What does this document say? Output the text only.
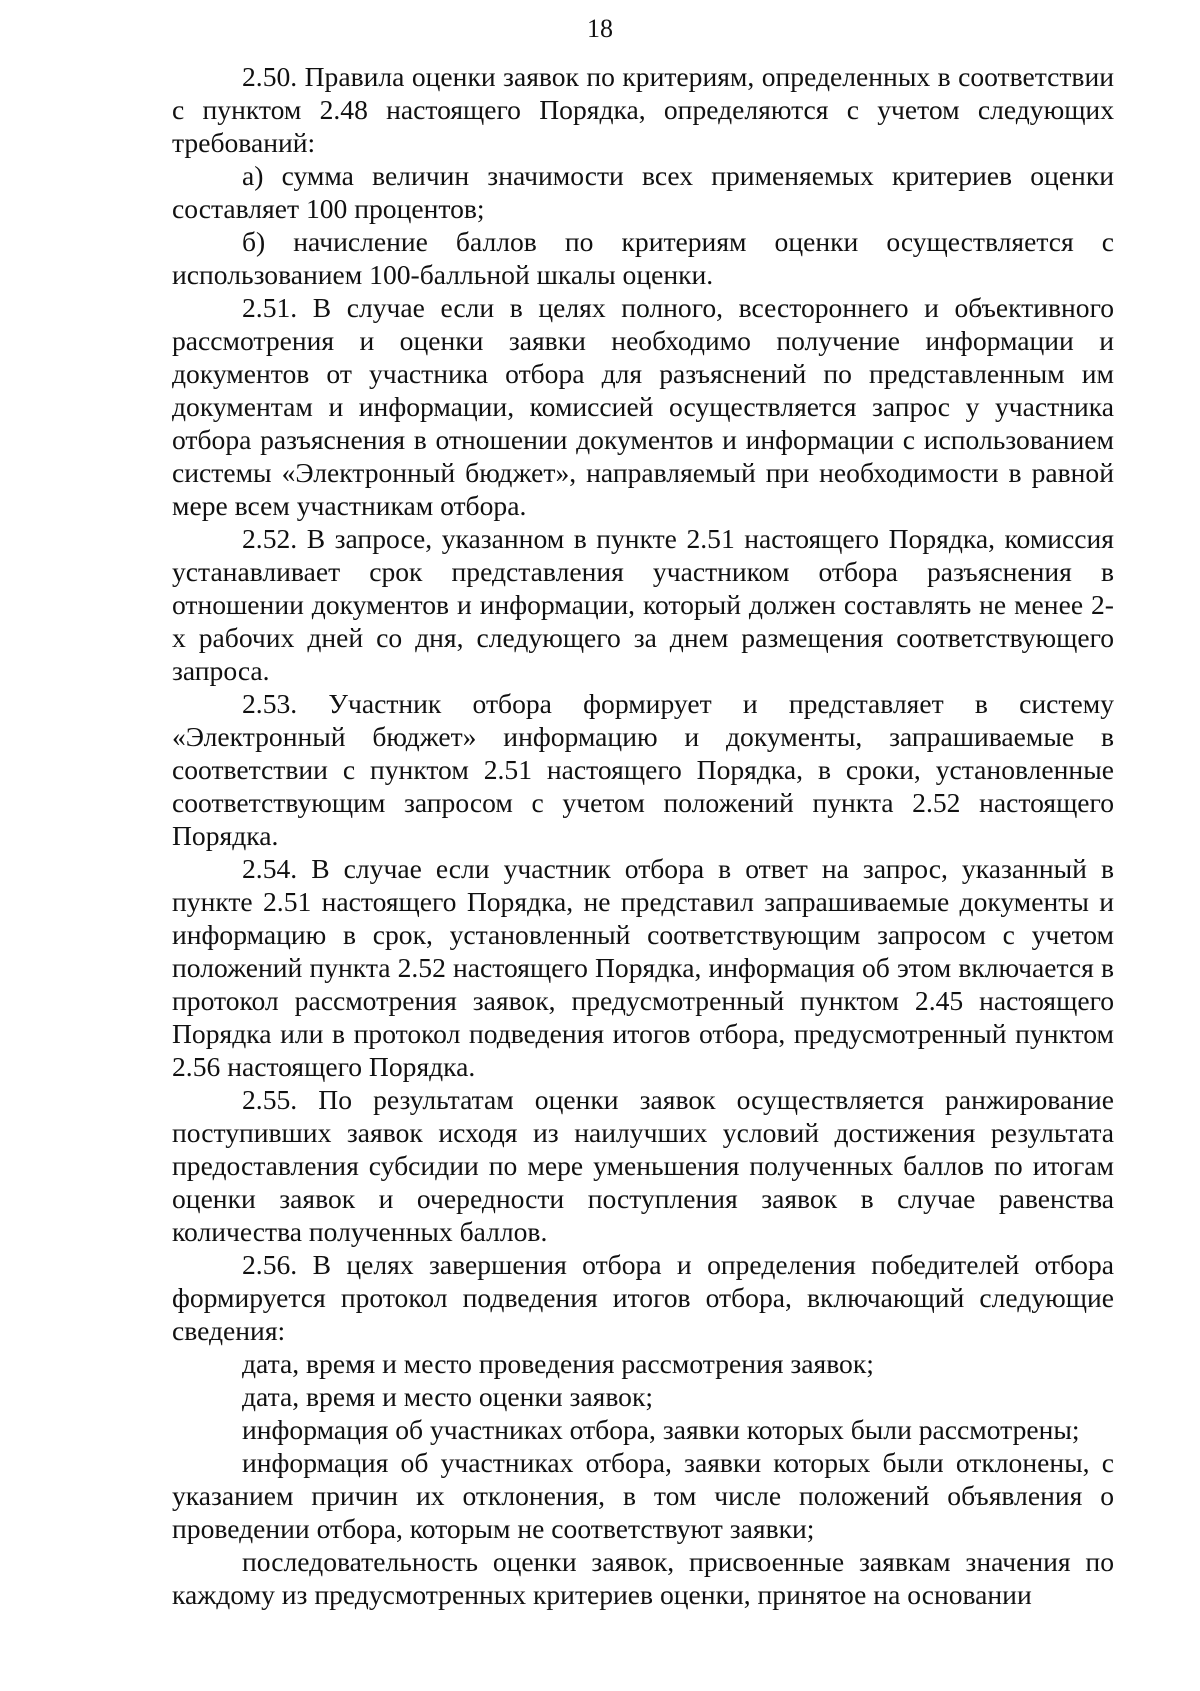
18

2.50. Правила оценки заявок по критериям, определенных в соответствии с пунктом 2.48 настоящего Порядка, определяются с учетом следующих требований:

а) сумма величин значимости всех применяемых критериев оценки составляет 100 процентов;

б) начисление баллов по критериям оценки осуществляется с использованием 100-балльной шкалы оценки.

2.51. В случае если в целях полного, всестороннего и объективного рассмотрения и оценки заявки необходимо получение информации и документов от участника отбора для разъяснений по представленным им документам и информации, комиссией осуществляется запрос у участника отбора разъяснения в отношении документов и информации с использованием системы «Электронный бюджет», направляемый при необходимости в равной мере всем участникам отбора.

2.52. В запросе, указанном в пункте 2.51 настоящего Порядка, комиссия устанавливает срок представления участником отбора разъяснения в отношении документов и информации, который должен составлять не менее 2-х рабочих дней со дня, следующего за днем размещения соответствующего запроса.

2.53. Участник отбора формирует и представляет в систему «Электронный бюджет» информацию и документы, запрашиваемые в соответствии с пунктом 2.51 настоящего Порядка, в сроки, установленные соответствующим запросом с учетом положений пункта 2.52 настоящего Порядка.

2.54. В случае если участник отбора в ответ на запрос, указанный в пункте 2.51 настоящего Порядка, не представил запрашиваемые документы и информацию в срок, установленный соответствующим запросом с учетом положений пункта 2.52 настоящего Порядка, информация об этом включается в протокол рассмотрения заявок, предусмотренный пунктом 2.45 настоящего Порядка или в протокол подведения итогов отбора, предусмотренный пунктом 2.56 настоящего Порядка.

2.55. По результатам оценки заявок осуществляется ранжирование поступивших заявок исходя из наилучших условий достижения результата предоставления субсидии по мере уменьшения полученных баллов по итогам оценки заявок и очередности поступления заявок в случае равенства количества полученных баллов.

2.56. В целях завершения отбора и определения победителей отбора формируется протокол подведения итогов отбора, включающий следующие сведения:

дата, время и место проведения рассмотрения заявок;

дата, время и место оценки заявок;

информация об участниках отбора, заявки которых были рассмотрены;

информация об участниках отбора, заявки которых были отклонены, с указанием причин их отклонения, в том числе положений объявления о проведении отбора, которым не соответствуют заявки;

последовательность оценки заявок, присвоенные заявкам значения по каждому из предусмотренных критериев оценки, принятое на основании
